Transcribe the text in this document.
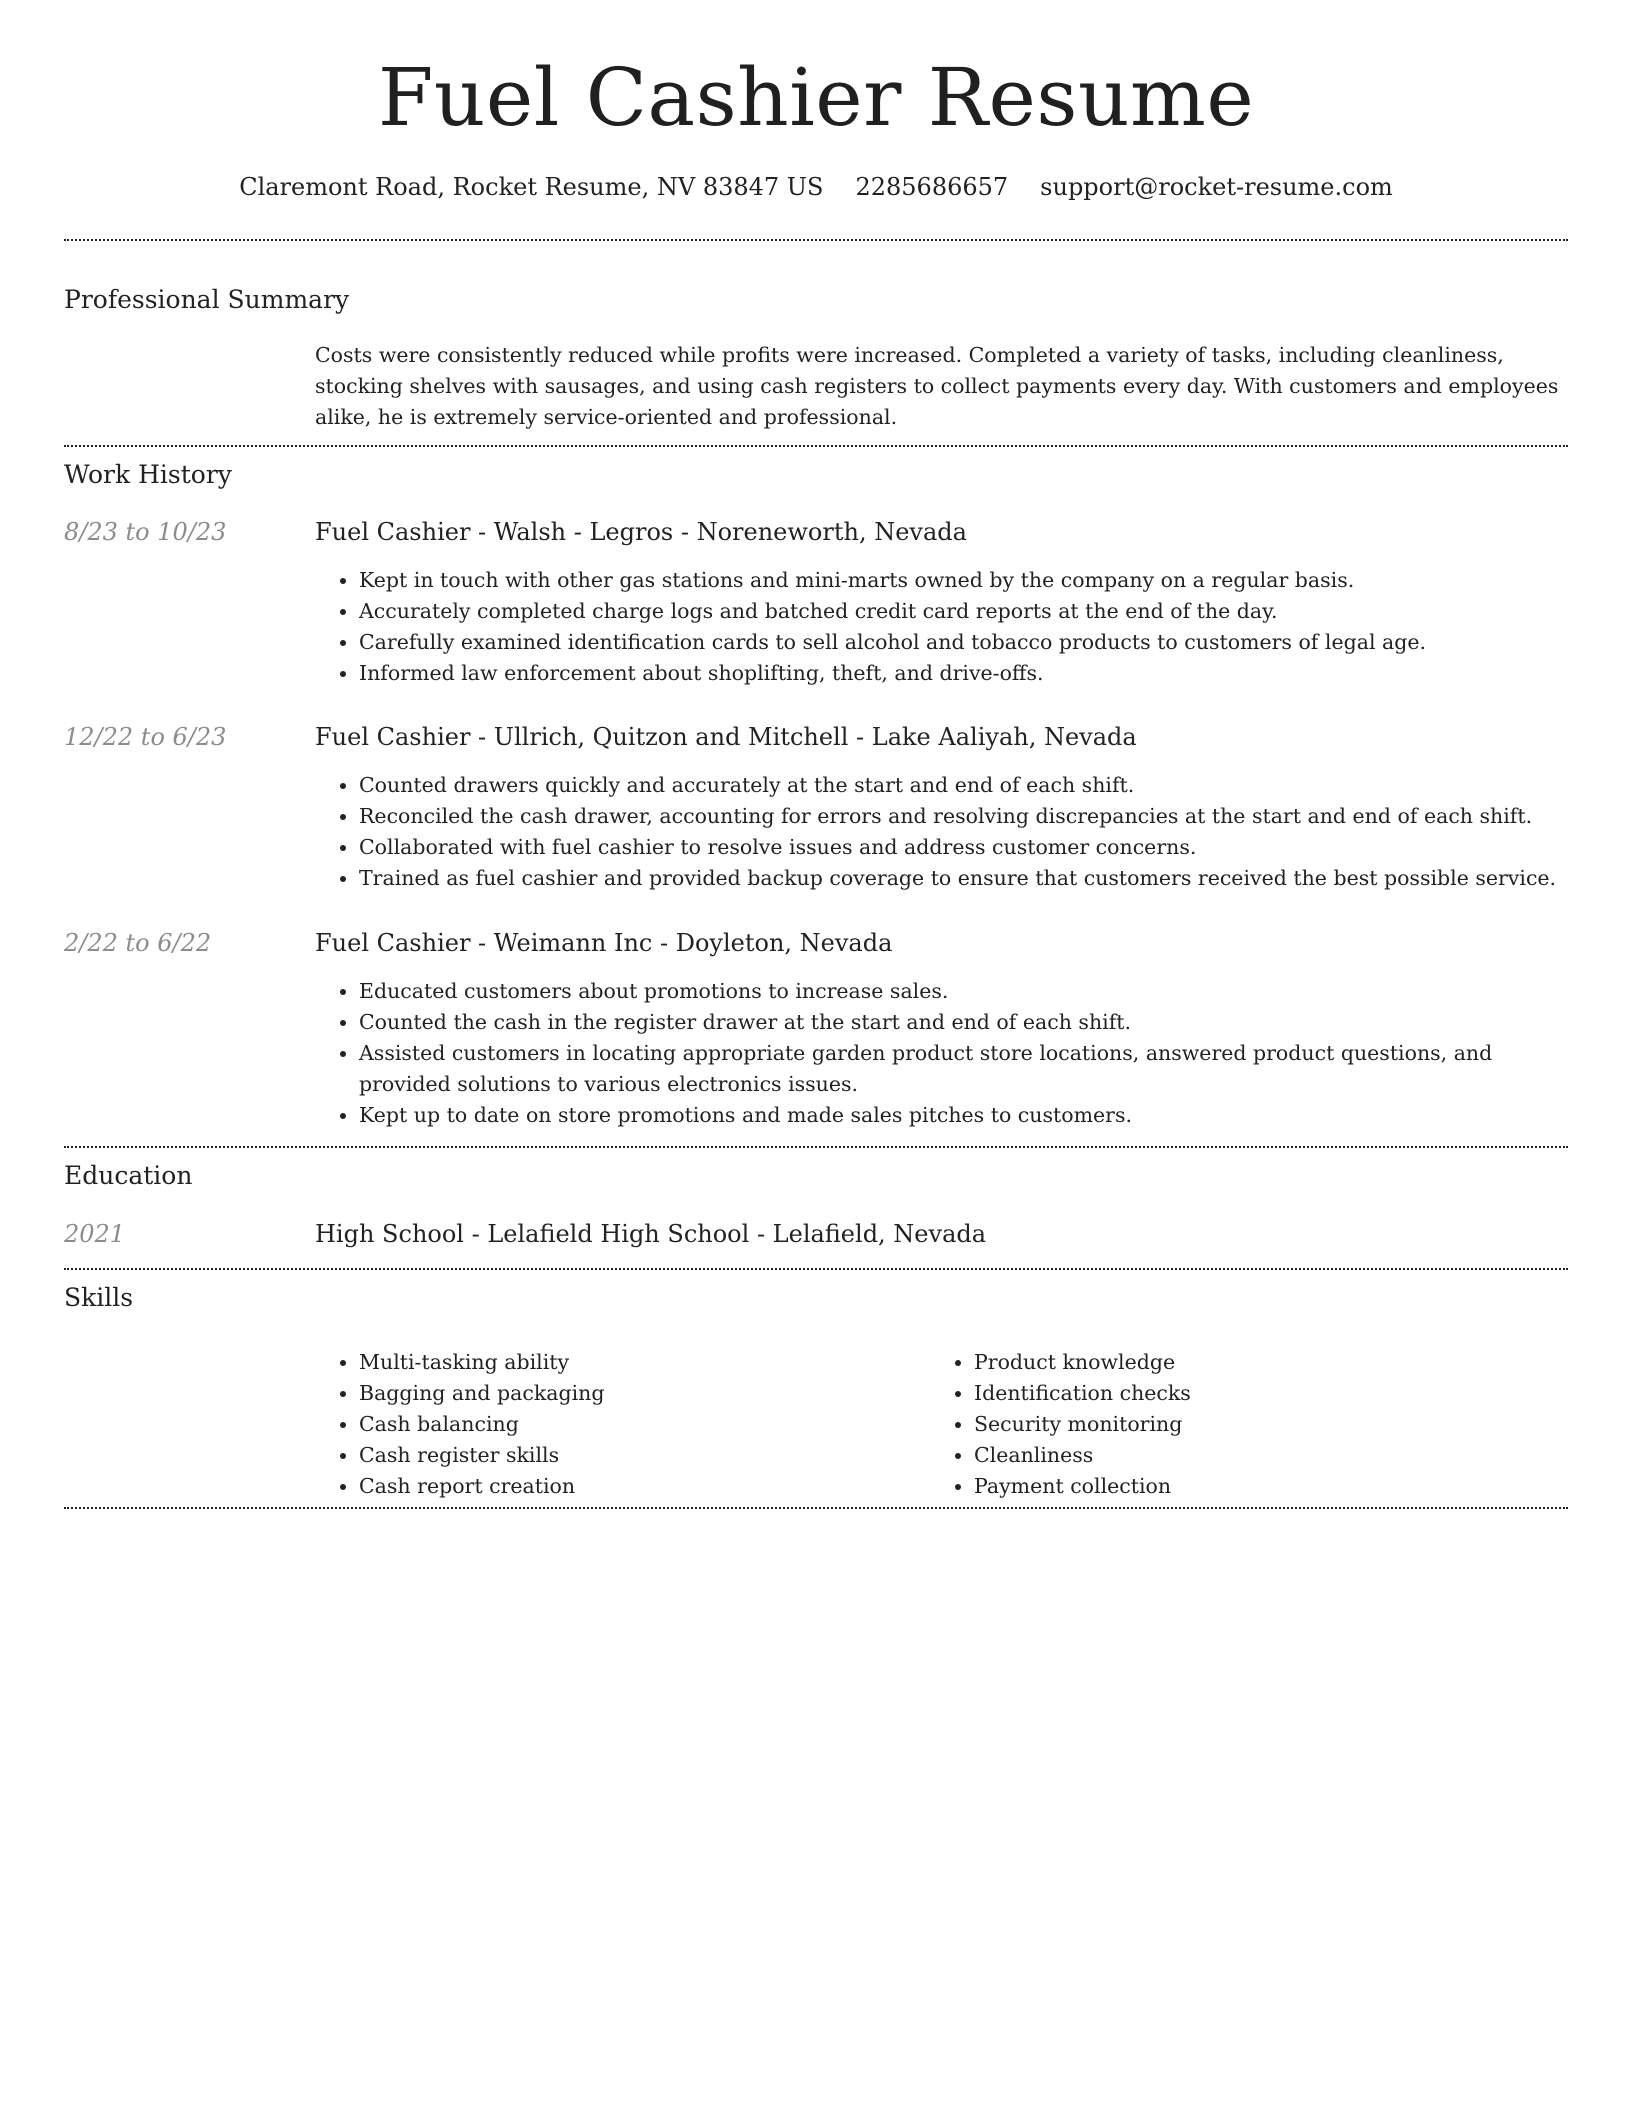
Fuel Cashier Resume
Claremont Road, Rocket Resume, NV 83847 US 2285686657 support@rocket-resume.com
Professional Summary
Costs were consistently reduced while profits were increased. Completed a variety of tasks, including cleanliness, stocking shelves with sausages, and using cash registers to collect payments every day. With customers and employees alike, he is extremely service-oriented and professional.
Work History
8/23 to 10/23	Fuel Cashier - Walsh - Legros - Noreneworth, Nevada
• Kept in touch with other gas stations and mini-marts owned by the company on a regular basis.
• Accurately completed charge logs and batched credit card reports at the end of the day.
• Carefully examined identification cards to sell alcohol and tobacco products to customers of legal age.
• Informed law enforcement about shoplifting, theft, and drive-offs.
12/22 to 6/23	Fuel Cashier - Ullrich, Quitzon and Mitchell - Lake Aaliyah, Nevada
• Counted drawers quickly and accurately at the start and end of each shift.
• Reconciled the cash drawer, accounting for errors and resolving discrepancies at the start and end of each shift.
• Collaborated with fuel cashier to resolve issues and address customer concerns.
• Trained as fuel cashier and provided backup coverage to ensure that customers received the best possible service.
2/22 to 6/22	Fuel Cashier - Weimann Inc - Doyleton, Nevada
• Educated customers about promotions to increase sales.
• Counted the cash in the register drawer at the start and end of each shift.
• Assisted customers in locating appropriate garden product store locations, answered product questions, and provided solutions to various electronics issues.
• Kept up to date on store promotions and made sales pitches to customers.
Education
2021	High School - Lelafield High School - Lelafield, Nevada
Skills
• Multi-tasking ability
• Bagging and packaging
• Cash balancing
• Cash register skills
• Cash report creation
• Product knowledge
• Identification checks
• Security monitoring
• Cleanliness
• Payment collection
